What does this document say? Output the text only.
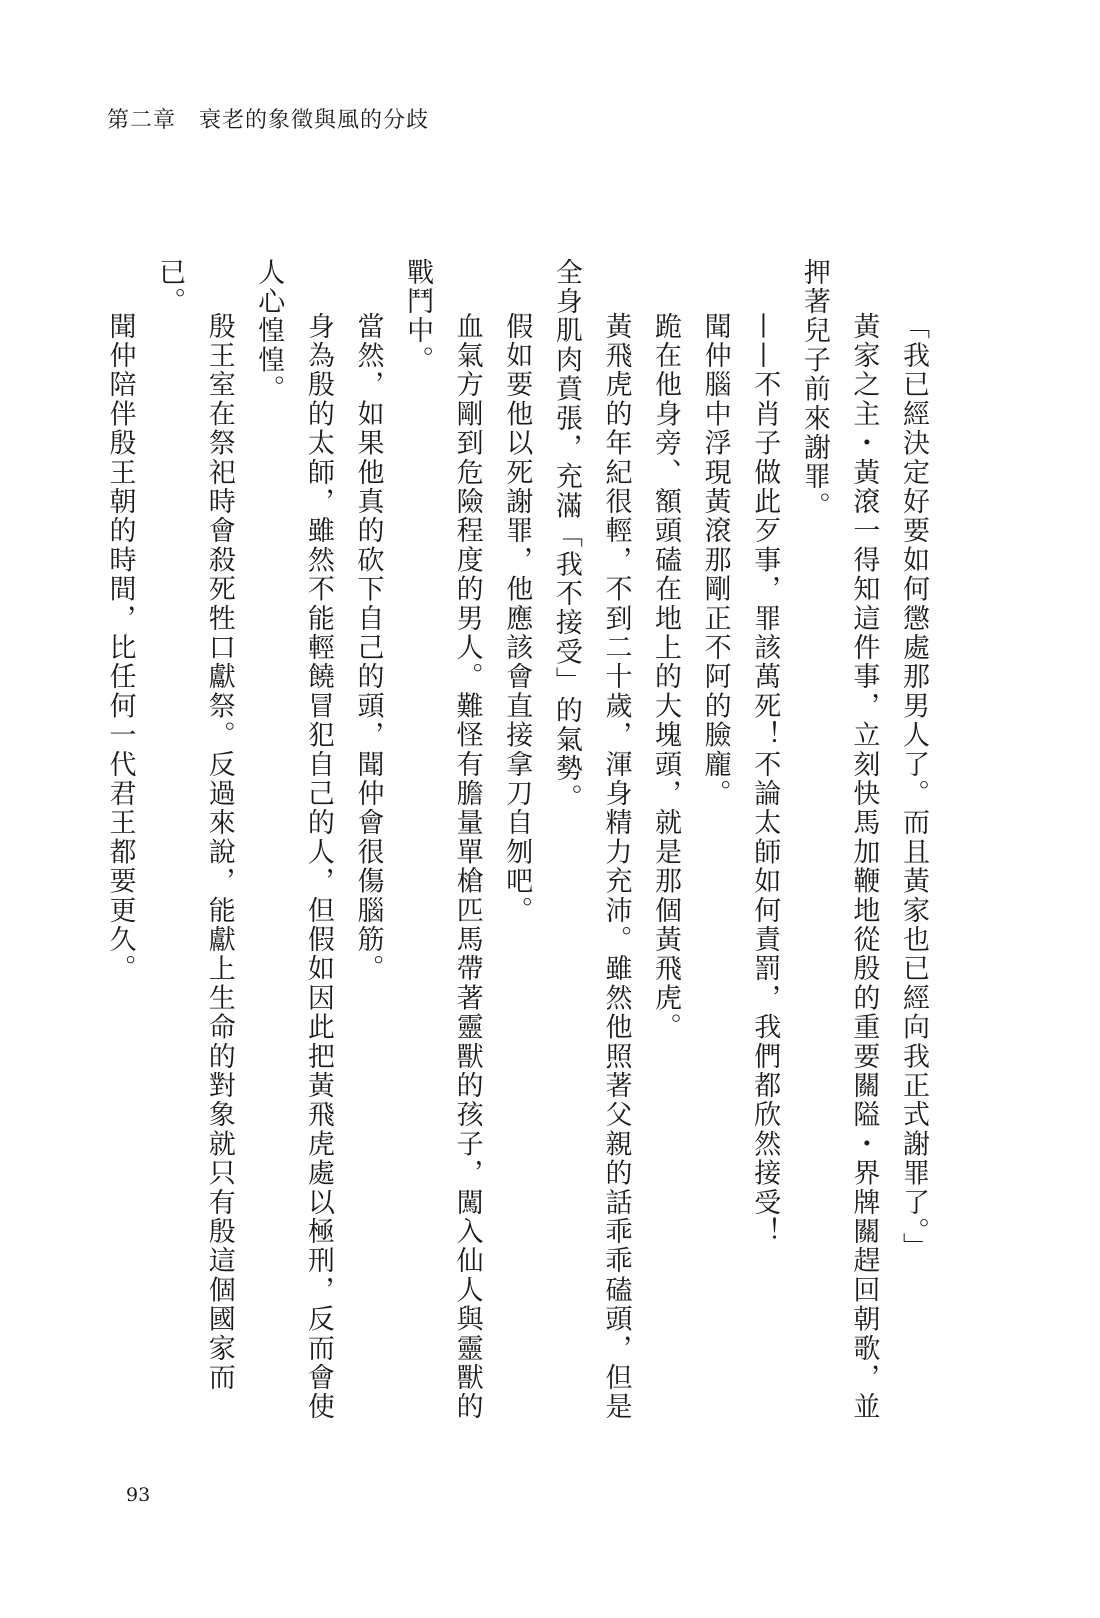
第二章　衰老的象徵與風的分歧

「我已經決定好要如何懲處那男人了。而且黃家也已經向我正式謝罪了。」

黃家之主・黃滾一得知這件事，立刻快馬加鞭地從殷的重要關隘・界牌關趕回朝歌，並押著兒子前來謝罪。

——不肖子做此歹事，罪該萬死！不論太師如何責罰，我們都欣然接受！

聞仲腦中浮現黃滾那剛正不阿的臉龐。

跪在他身旁、額頭磕在地上的大塊頭，就是那個黃飛虎。

黃飛虎的年紀很輕，不到二十歲，渾身精力充沛。雖然他照著父親的話乖乖磕頭，但是全身肌肉賁張，充滿「我不接受」的氣勢。

假如要他以死謝罪，他應該會直接拿刀自刎吧。

血氣方剛到危險程度的男人。難怪有膽量單槍匹馬帶著靈獸的孩子，闖入仙人與靈獸的戰鬥中。

當然，如果他真的砍下自己的頭，聞仲會很傷腦筋。

身為殷的太師，雖然不能輕饒冒犯自己的人，但假如因此把黃飛虎處以極刑，反而會使人心惶惶。

殷王室在祭祀時會殺死牲口獻祭。反過來說，能獻上生命的對象就只有殷這個國家而已。

聞仲陪伴殷王朝的時間，比任何一代君王都要更久。

93
